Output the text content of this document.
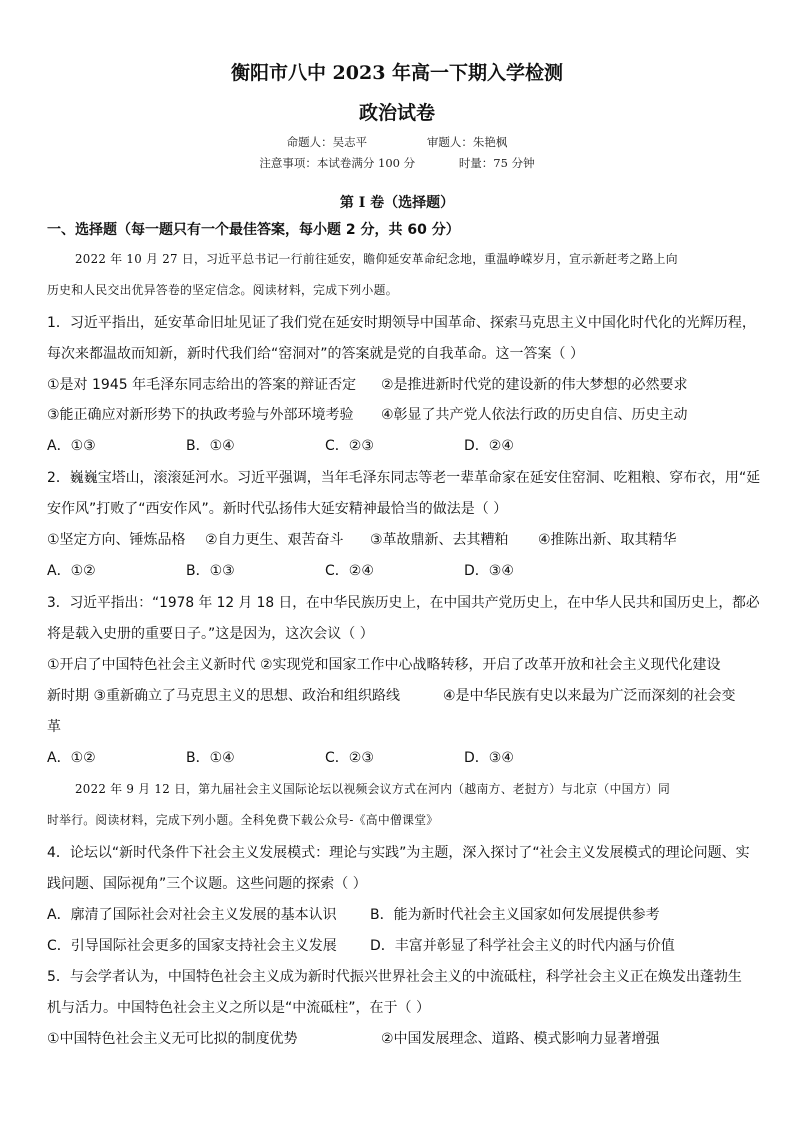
衡阳市八中 2023 年高一下期入学检测
政治试卷
命题人：吴志平	审题人：朱艳枫
注意事项：本试卷满分 100 分	时量：75 分钟
第 I 卷（选择题）
一、选择题（每一题只有一个最佳答案，每小题 2 分，共 60 分）
2022 年 10 月 27 日，习近平总书记一行前往延安，瞻仰延安革命纪念地，重温峥嵘岁月，宣示新赶考之路上向
历史和人民交出优异答卷的坚定信念。阅读材料，完成下列小题。
1．习近平指出，延安革命旧址见证了我们党在延安时期领导中国革命、探索马克思主义中国化时代化的光辉历程，
每次来都温故而知新，新时代我们给“窑洞对”的答案就是党的自我革命。这一答案（ ）
①是对 1945 年毛泽东同志给出的答案的辩证否定 ②是推进新时代党的建设新的伟大梦想的必然要求
③能正确应对新形势下的执政考验与外部环境考验 ④彰显了共产党人依法行政的历史自信、历史主动
A．①③	B．①④	C．②③	D．②④
2．巍巍宝塔山，滚滚延河水。习近平强调，当年毛泽东同志等老一辈革命家在延安住窑洞、吃粗粮、穿布衣，用“延
安作风”打败了“西安作风”。新时代弘扬伟大延安精神最恰当的做法是（ ）
①坚定方向、锤炼品格 ②自力更生、艰苦奋斗 ③革故鼎新、去其糟粕 ④推陈出新、取其精华
A．①②	B．①③	C．②④	D．③④
3．习近平指出：“1978 年 12 月 18 日，在中华民族历史上，在中国共产党历史上，在中华人民共和国历史上，都必
将是载入史册的重要日子。”这是因为，这次会议（ ）
①开启了中国特色社会主义新时代 ②实现党和国家工作中心战略转移，开启了改革开放和社会主义现代化建设
新时期 ③重新确立了马克思主义的思想、政治和组织路线	④是中华民族有史以来最为广泛而深刻的社会变
革
A．①②	B．①④	C．②③	D．③④
2022 年 9 月 12 日，第九届社会主义国际论坛以视频会议方式在河内（越南方、老挝方）与北京（中国方）同
时举行。阅读材料，完成下列小题。全科免费下载公众号-《高中僧课堂》
4．论坛以“新时代条件下社会主义发展模式：理论与实践”为主题，深入探讨了“社会主义发展模式的理论问题、实
践问题、国际视角”三个议题。这些问题的探索（ ）
A．廓清了国际社会对社会主义发展的基本认识 B．能为新时代社会主义国家如何发展提供参考
C．引导国际社会更多的国家支持社会主义发展 D．丰富并彰显了科学社会主义的时代内涵与价值
5．与会学者认为，中国特色社会主义成为新时代振兴世界社会主义的中流砥柱，科学社会主义正在焕发出蓬勃生
机与活力。中国特色社会主义之所以是“中流砥柱”，在于（ ）
①中国特色社会主义无可比拟的制度优势	②中国发展理念、道路、模式影响力显著增强
